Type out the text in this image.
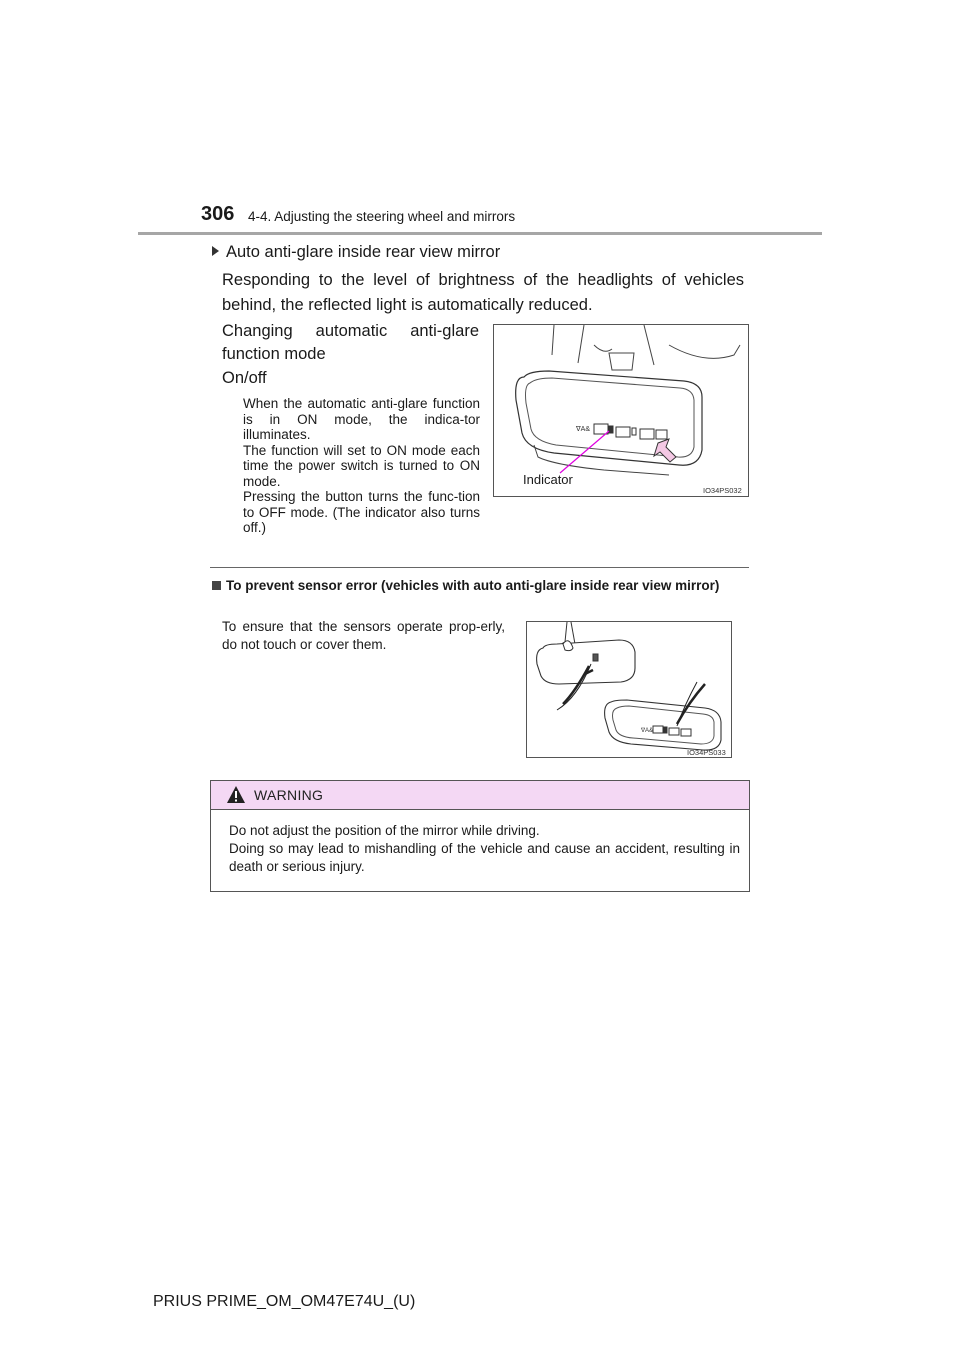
306 4-4. Adjusting the steering wheel and mirrors
Auto anti-glare inside rear view mirror
Responding to the level of brightness of the headlights of vehicles behind, the reflected light is automatically reduced.
Changing automatic anti-glare function mode
On/off

When the automatic anti-glare function is in ON mode, the indica-tor illuminates.

The function will set to ON mode each time the power switch is turned to ON mode.

Pressing the button turns the func-tion to OFF mode. (The indicator also turns off.)

∇A&
Indicator
IO34PS032
To prevent sensor error (vehicles with auto anti-glare inside rear view mirror)
To ensure that the sensors operate prop-erly, do not touch or cover them.
∇A&
IO34PS033
WARNING

Do not adjust the position of the mirror while driving.

Doing so may lead to mishandling of the vehicle and cause an accident, resulting in death or serious injury.

PRIUS PRIME_OM_OM47E74U_(U)
